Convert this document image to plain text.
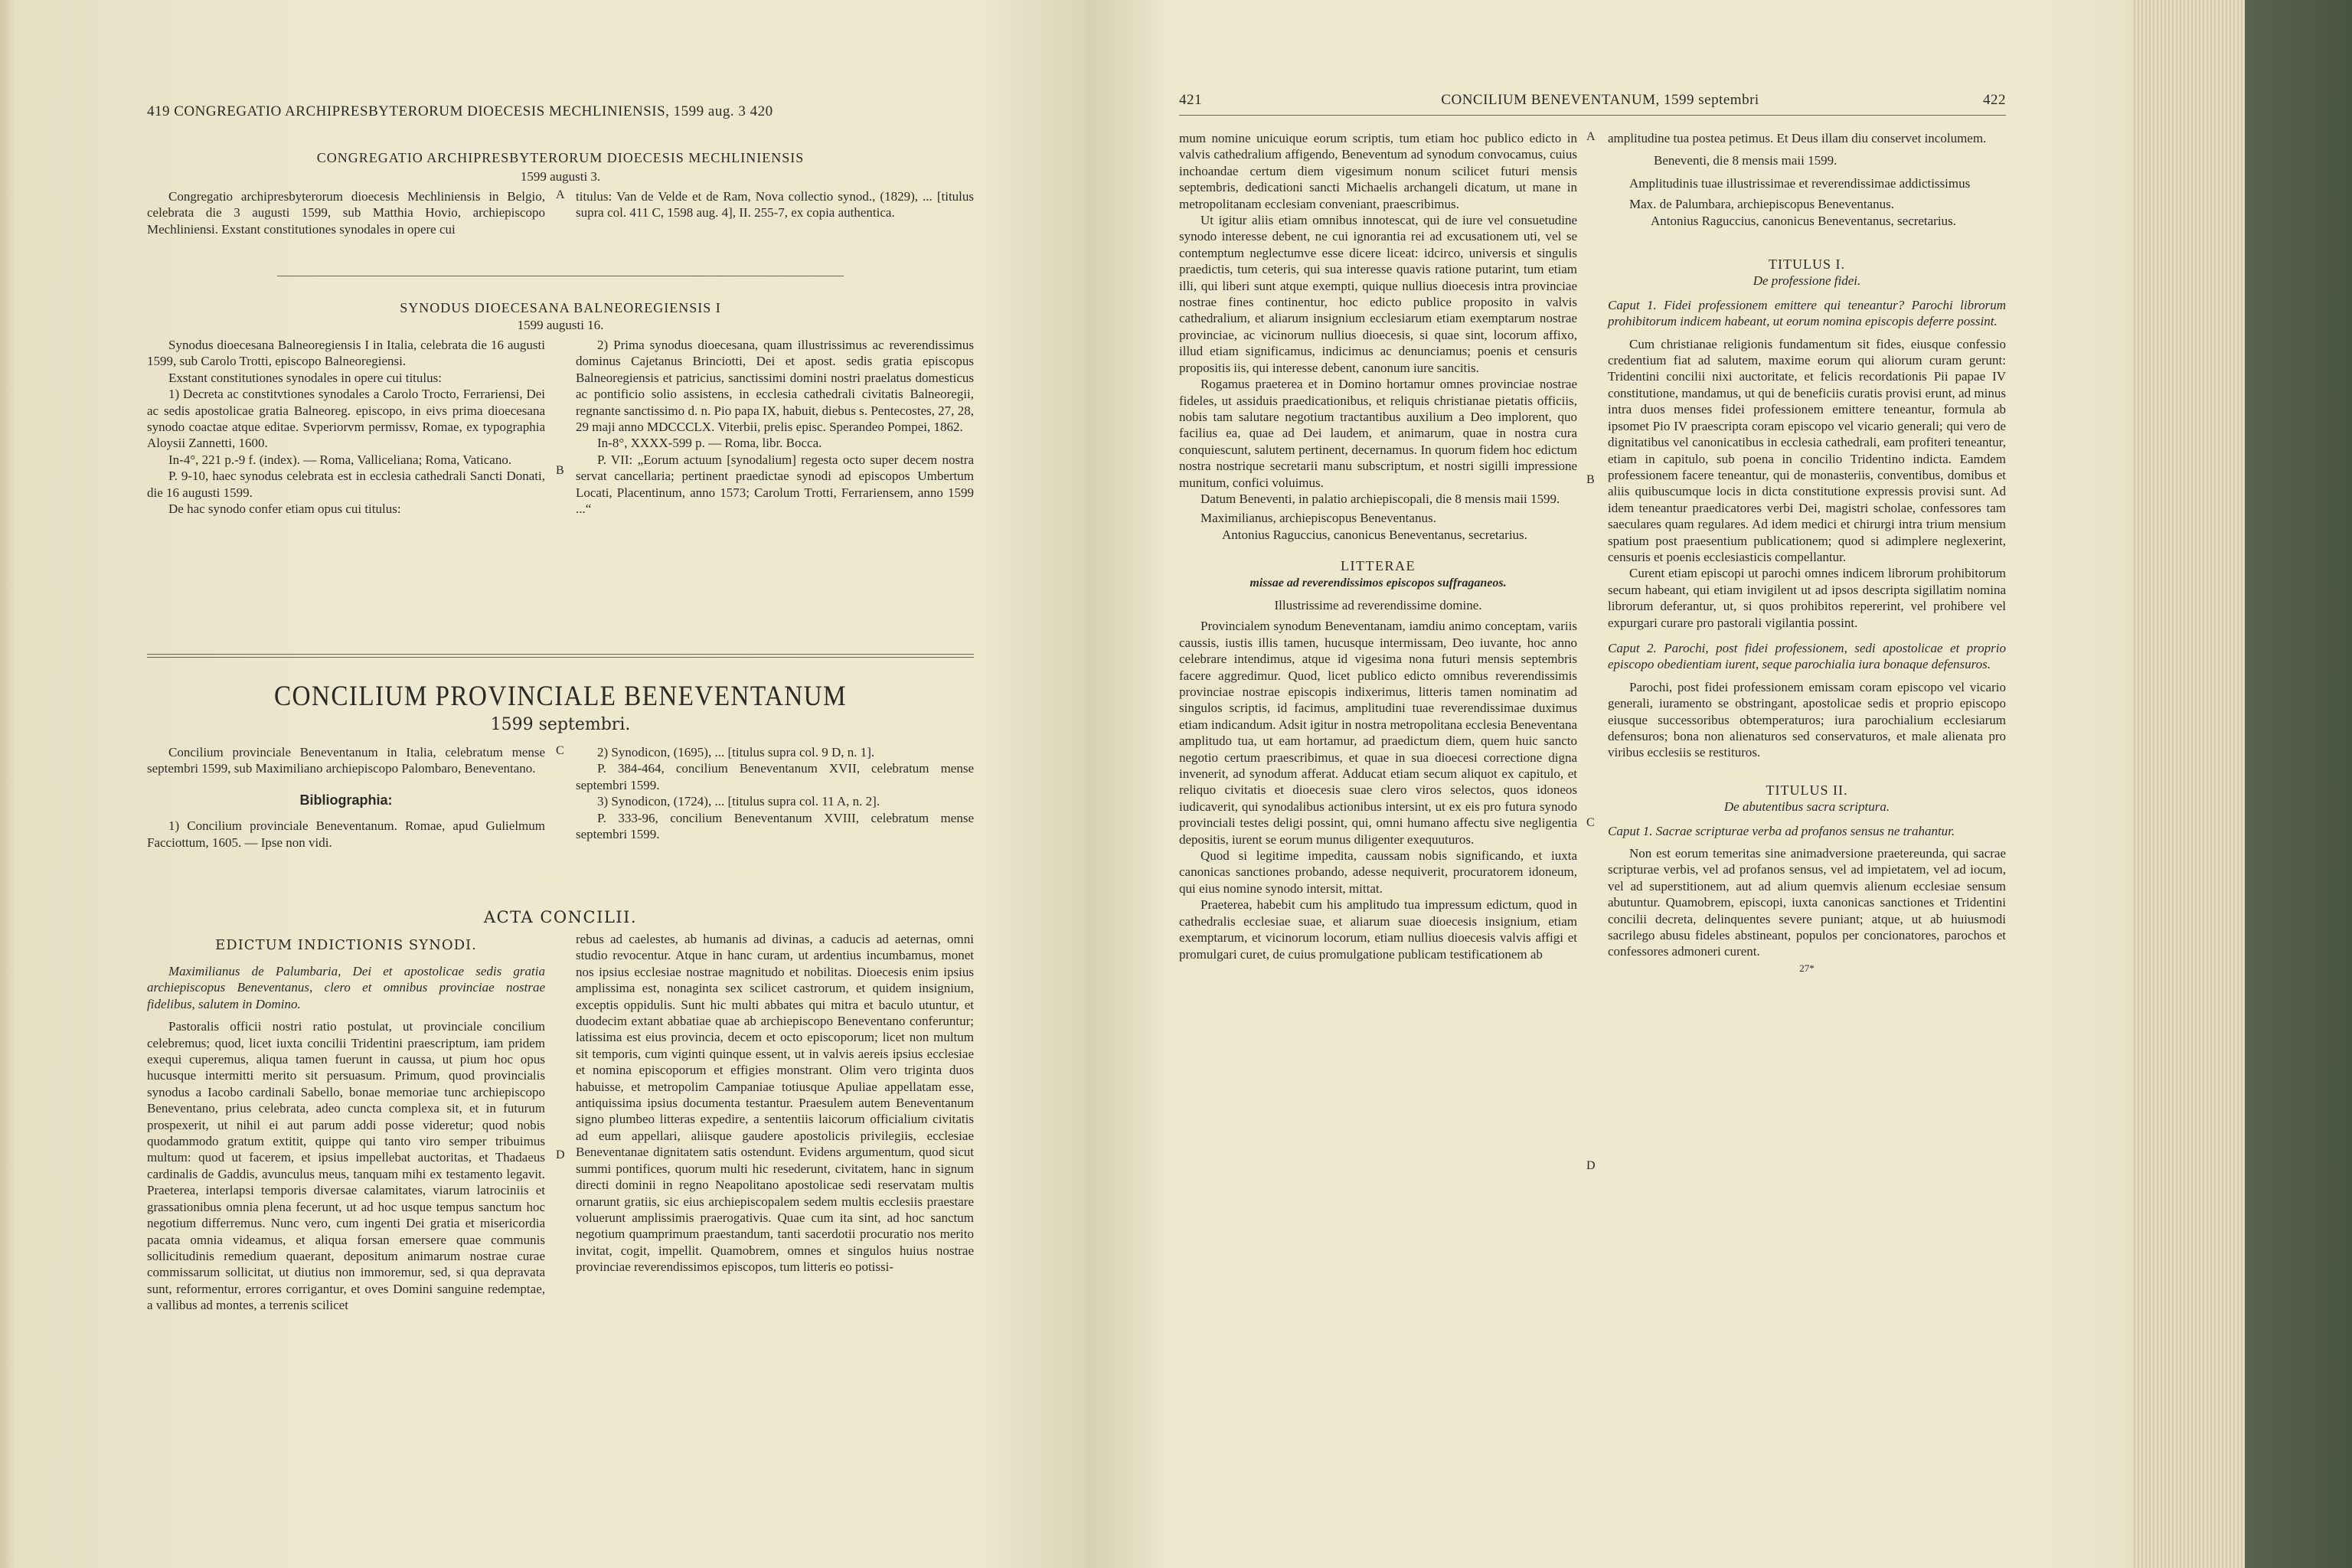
419 CONGREGATIO ARCHIPRESBYTERORUM DIOECESIS MECHLINIENSIS, 1599 aug. 3 420
CONGREGATIO ARCHIPRESBYTERORUM DIOECESIS MECHLINIENSIS
1599 augusti 3.

Congregatio archipresbyterorum dioecesis Mechliniensis in Belgio, celebrata die 3 augusti 1599, sub Matthia Hovio, archiepiscopo Mechliniensi. Exstant constitutiones synodales in opere cui

titulus: Van de Velde et de Ram, Nova collectio synod., (1829), ... [titulus supra col. 411 C, 1598 aug. 4], II. 255-7, ex copia authentica.

SYNODUS DIOECESANA BALNEOREGIENSIS I
1599 augusti 16.

Synodus dioecesana Balneoregiensis I in Italia, celebrata die 16 augusti 1599, sub Carolo Trotti, episcopo Balneoregiensi.

Exstant constitutiones synodales in opere cui titulus:

1) Decreta ac constitvtiones synodales a Carolo Trocto, Ferrariensi, Dei ac sedis apostolicae gratia Balneoreg. episcopo, in eivs prima dioecesana synodo coactae atque editae. Svperiorvm permissv, Romae, ex typographia Aloysii Zannetti, 1600.

In-4°, 221 p.-9 f. (index). — Roma, Valliceliana; Roma, Vaticano.

P. 9-10, haec synodus celebrata est in ecclesia cathedrali Sancti Donati, die 16 augusti 1599.

De hac synodo confer etiam opus cui titulus:

2) Prima synodus dioecesana, quam illustrissimus ac reverendissimus dominus Cajetanus Brinciotti, Dei et apost. sedis gratia episcopus Balneoregiensis et patricius, sanctissimi domini nostri praelatus domesticus ac pontificio solio assistens, in ecclesia cathedrali civitatis Balneoregii, regnante sanctissimo d. n. Pio papa IX, habuit, diebus s. Pentecostes, 27, 28, 29 maji anno MDCCCLX. Viterbii, prelis episc. Sperandeo Pompei, 1862.

In-8°, XXXX-599 p. — Roma, libr. Bocca.

P. VII: „Eorum actuum [synodalium] regesta octo super decem nostra servat cancellaria; pertinent praedictae synodi ad episcopos Umbertum Locati, Placentinum, anno 1573; Carolum Trotti, Ferrariensem, anno 1599 ...“

CONCILIUM PROVINCIALE BENEVENTANUM
1599 septembri.

Concilium provinciale Beneventanum in Italia, celebratum mense septembri 1599, sub Maximiliano archiepiscopo Palombaro, Beneventano.

Bibliographia:

1) Concilium provinciale Beneventanum. Romae, apud Gulielmum Facciottum, 1605. — Ipse non vidi.

2) Synodicon, (1695), ... [titulus supra col. 9 D, n. 1].

P. 384-464, concilium Beneventanum XVII, celebratum mense septembri 1599.

3) Synodicon, (1724), ... [titulus supra col. 11 A, n. 2].

P. 333-96, concilium Beneventanum XVIII, celebratum mense septembri 1599.

ACTA CONCILII.
EDICTUM INDICTIONIS SYNODI.

Maximilianus de Palumbaria, Dei et apostolicae sedis gratia archiepiscopus Beneventanus, clero et omnibus provinciae nostrae fidelibus, salutem in Domino.

Pastoralis officii nostri ratio postulat, ut provinciale concilium celebremus; quod, licet iuxta concilii Tridentini praescriptum, iam pridem exequi cuperemus, aliqua tamen fuerunt in caussa, ut pium hoc opus hucusque intermitti merito sit persuasum. Primum, quod provincialis synodus a Iacobo cardinali Sabello, bonae memoriae tunc archiepiscopo Beneventano, prius celebrata, adeo cuncta complexa sit, et in futurum prospexerit, ut nihil ei aut parum addi posse videretur; quod nobis quodammodo gratum extitit, quippe qui tanto viro semper tribuimus multum: quod ut facerem, et ipsius impellebat auctoritas, et Thadaeus cardinalis de Gaddis, avunculus meus, tanquam mihi ex testamento legavit. Praeterea, interlapsi temporis diversae calamitates, viarum latrociniis et grassationibus omnia plena fecerunt, ut ad hoc usque tempus sanctum hoc negotium differremus. Nunc vero, cum ingenti Dei gratia et misericordia pacata omnia videamus, et aliqua forsan emersere quae communis sollicitudinis remedium quaerant, depositum animarum nostrae curae commissarum sollicitat, ut diutius non immoremur, sed, si qua depravata sunt, reformentur, errores corrigantur, et oves Domini sanguine redemptae, a vallibus ad montes, a terrenis scilicet

rebus ad caelestes, ab humanis ad divinas, a caducis ad aeternas, omni studio revocentur. Atque in hanc curam, ut ardentius incumbamus, monet nos ipsius ecclesiae nostrae magnitudo et nobilitas. Dioecesis enim ipsius amplissima est, nonaginta sex scilicet castrorum, et quidem insignium, exceptis oppidulis. Sunt hic multi abbates qui mitra et baculo utuntur, et duodecim extant abbatiae quae ab archiepiscopo Beneventano conferuntur; latissima est eius provincia, decem et octo episcoporum; licet non multum sit temporis, cum viginti quinque essent, ut in valvis aereis ipsius ecclesiae et nomina episcoporum et effigies monstrant. Olim vero triginta duos habuisse, et metropolim Campaniae totiusque Apuliae appellatam esse, antiquissima ipsius documenta testantur. Praesulem autem Beneventanum signo plumbeo litteras expedire, a sententiis laicorum officialium civitatis ad eum appellari, aliisque gaudere apostolicis privilegiis, ecclesiae Beneventanae dignitatem satis ostendunt. Evidens argumentum, quod sicut summi pontifices, quorum multi hic resederunt, civitatem, hanc in signum directi dominii in regno Neapolitano apostolicae sedi reservatam multis ornarunt gratiis, sic eius archiepiscopalem sedem multis ecclesiis praestare voluerunt amplissimis praerogativis. Quae cum ita sint, ad hoc sanctum negotium quamprimum praestandum, tanti sacerdotii procuratio nos merito invitat, cogit, impellit. Quamobrem, omnes et singulos huius nostrae provinciae reverendissimos episcopos, tum litteris eo potissi-

A
B
C
D
421	CONCILIUM BENEVENTANUM, 1599 septembri	422

mum nomine unicuique eorum scriptis, tum etiam hoc publico edicto in valvis cathedralium affigendo, Beneventum ad synodum convocamus, cuius inchoandae certum diem vigesimum nonum scilicet futuri mensis septembris, dedicationi sancti Michaelis archangeli dicatum, ut mane in metropolitanam ecclesiam conveniant, praescribimus.

Ut igitur aliis etiam omnibus innotescat, qui de iure vel consuetudine synodo interesse debent, ne cui ignorantia rei ad excusationem uti, vel se contemptum neglectumve esse dicere liceat: idcirco, universis et singulis praedictis, tum ceteris, qui sua interesse quavis ratione putarint, tum etiam illi, qui liberi sunt atque exempti, quique nullius dioecesis intra provinciae nostrae fines continentur, hoc edicto publice proposito in valvis cathedralium, et aliarum insignium ecclesiarum etiam exemptarum nostrae provinciae, ac vicinorum nullius dioecesis, si quae sint, locorum affixo, illud etiam significamus, indicimus ac denunciamus; poenis et censuris propositis iis, qui interesse debent, canonum iure sancitis.

Rogamus praeterea et in Domino hortamur omnes provinciae nostrae fideles, ut assiduis praedicationibus, et reliquis christianae pietatis officiis, nobis tam salutare negotium tractantibus auxilium a Deo implorent, quo facilius ea, quae ad Dei laudem, et animarum, quae in nostra cura conquiescunt, salutem pertinent, decernamus. In quorum fidem hoc edictum nostra nostrique secretarii manu subscriptum, et nostri sigilli impressione munitum, confici voluimus.

Datum Beneventi, in palatio archiepiscopali, die 8 mensis maii 1599.

Maximilianus, archiepiscopus Beneventanus.
Antonius Raguccius, canonicus Beneventanus, secretarius.
LITTERAE
missae ad reverendissimos episcopos suffraganeos.
Illustrissime ad reverendissime domine.

Provincialem synodum Beneventanam, iamdiu animo conceptam, variis caussis, iustis illis tamen, hucusque intermissam, Deo iuvante, hoc anno celebrare intendimus, atque id vigesima nona futuri mensis septembris facere aggredimur. Quod, licet publico edicto omnibus reverendissimis provinciae nostrae episcopis indixerimus, litteris tamen nominatim ad singulos scriptis, id facimus, amplitudini tuae reverendissimae duximus etiam indicandum. Adsit igitur in nostra metropolitana ecclesia Beneventana amplitudo tua, ut eam hortamur, ad praedictum diem, quem huic sancto negotio certum praescribimus, et quae in sua dioecesi correctione digna invenerit, ad synodum afferat. Adducat etiam secum aliquot ex capitulo, et reliquo civitatis et dioecesis suae clero viros selectos, quos idoneos iudicaverit, qui synodalibus actionibus intersint, ut ex eis pro futura synodo provinciali testes deligi possint, qui, omni humano affectu sive negligentia depositis, iurent se eorum munus diligenter exequuturos.

Quod si legitime impedita, caussam nobis significando, et iuxta canonicas sanctiones probando, adesse nequiverit, procuratorem idoneum, qui eius nomine synodo intersit, mittat.

Praeterea, habebit cum his amplitudo tua impressum edictum, quod in cathedralis ecclesiae suae, et aliarum suae dioecesis insignium, etiam exemptarum, et vicinorum locorum, etiam nullius dioecesis valvis affigi et promulgari curet, de cuius promulgatione publicam testificationem ab

amplitudine tua postea petimus. Et Deus illam diu conservet incolumem.

Beneventi, die 8 mensis maii 1599.

Amplitudinis tuae illustrissimae et reverendissimae addictissimus

Max. de Palumbara, archiepiscopus Beneventanus.
Antonius Raguccius, canonicus Beneventanus, secretarius.
TITULUS I.
De professione fidei.

Caput 1. Fidei professionem emittere qui teneantur? Parochi librorum prohibitorum indicem habeant, ut eorum nomina episcopis deferre possint.

Cum christianae religionis fundamentum sit fides, eiusque confessio credentium fiat ad salutem, maxime eorum qui aliorum curam gerunt: Tridentini concilii nixi auctoritate, et felicis recordationis Pii papae IV constitutione, mandamus, ut qui de beneficiis curatis provisi erunt, ad minus intra duos menses fidei professionem emittere teneantur, formula ab ipsomet Pio IV praescripta coram episcopo vel vicario generali; qui vero de dignitatibus vel canonicatibus in ecclesia cathedrali, eam profiteri teneantur, etiam in capitulo, sub poena in concilio Tridentino indicta. Eamdem professionem facere teneantur, qui de monasteriis, conventibus, domibus et aliis quibuscumque locis in dicta constitutione expressis provisi sunt. Ad idem teneantur praedicatores verbi Dei, magistri scholae, confessores tam saeculares quam regulares. Ad idem medici et chirurgi intra trium mensium spatium post praesentium publicationem; quod si adimplere neglexerint, censuris et poenis ecclesiasticis compellantur.

Curent etiam episcopi ut parochi omnes indicem librorum prohibitorum secum habeant, qui etiam invigilent ut ad ipsos descripta sigillatim nomina librorum deferantur, ut, si quos prohibitos repererint, vel prohibere vel expurgari curare pro pastorali vigilantia possint.

Caput 2. Parochi, post fidei professionem, sedi apostolicae et proprio episcopo obedientiam iurent, seque parochialia iura bonaque defensuros.

Parochi, post fidei professionem emissam coram episcopo vel vicario generali, iuramento se obstringant, apostolicae sedis et proprio episcopo eiusque successoribus obtemperaturos; iura parochialium ecclesiarum defensuros; bona non alienaturos sed conservaturos, et male alienata pro viribus ecclesiis se restituros.

TITULUS II.
De abutentibus sacra scriptura.

Caput 1. Sacrae scripturae verba ad profanos sensus ne trahantur.

Non est eorum temeritas sine animadversione praetereunda, qui sacrae scripturae verbis, vel ad profanos sensus, vel ad impietatem, vel ad iocum, vel ad superstitionem, aut ad alium quemvis alienum ecclesiae sensum abutuntur. Quamobrem, episcopi, iuxta canonicas sanctiones et Tridentini concilii decreta, delinquentes severe puniant; atque, ut ab huiusmodi sacrilego abusu fideles abstineant, populos per concionatores, parochos et confessores admoneri curent.

27*
A
B
C
D
